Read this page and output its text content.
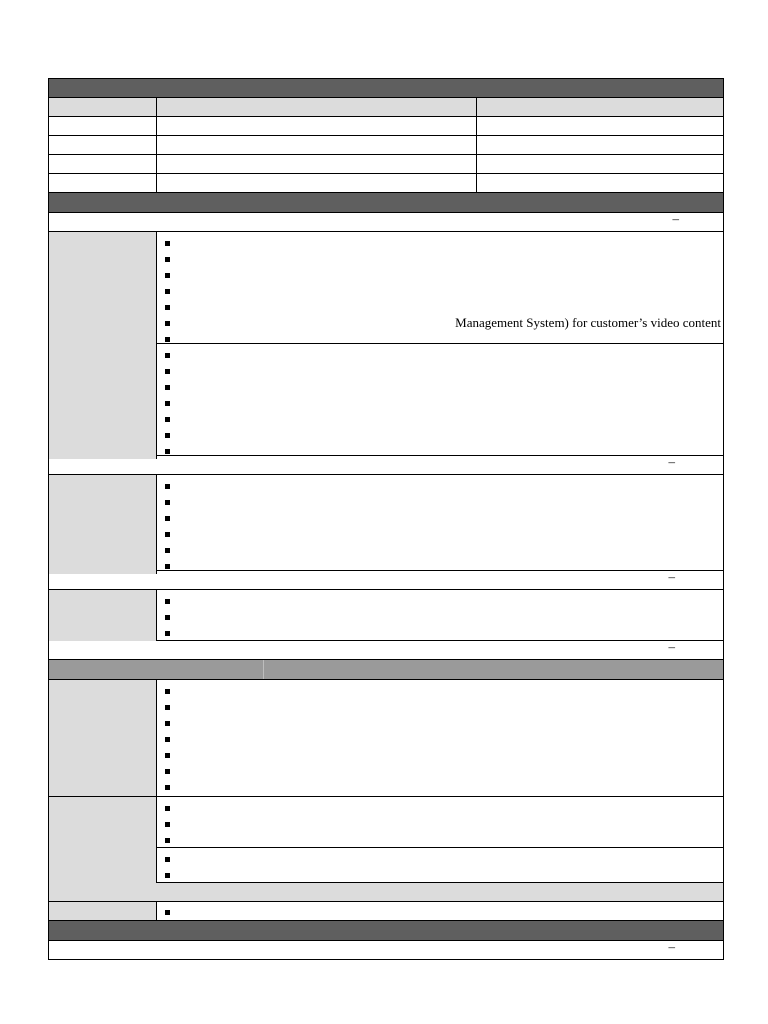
–
Management System) for customer’s video content
–
–
–
–
